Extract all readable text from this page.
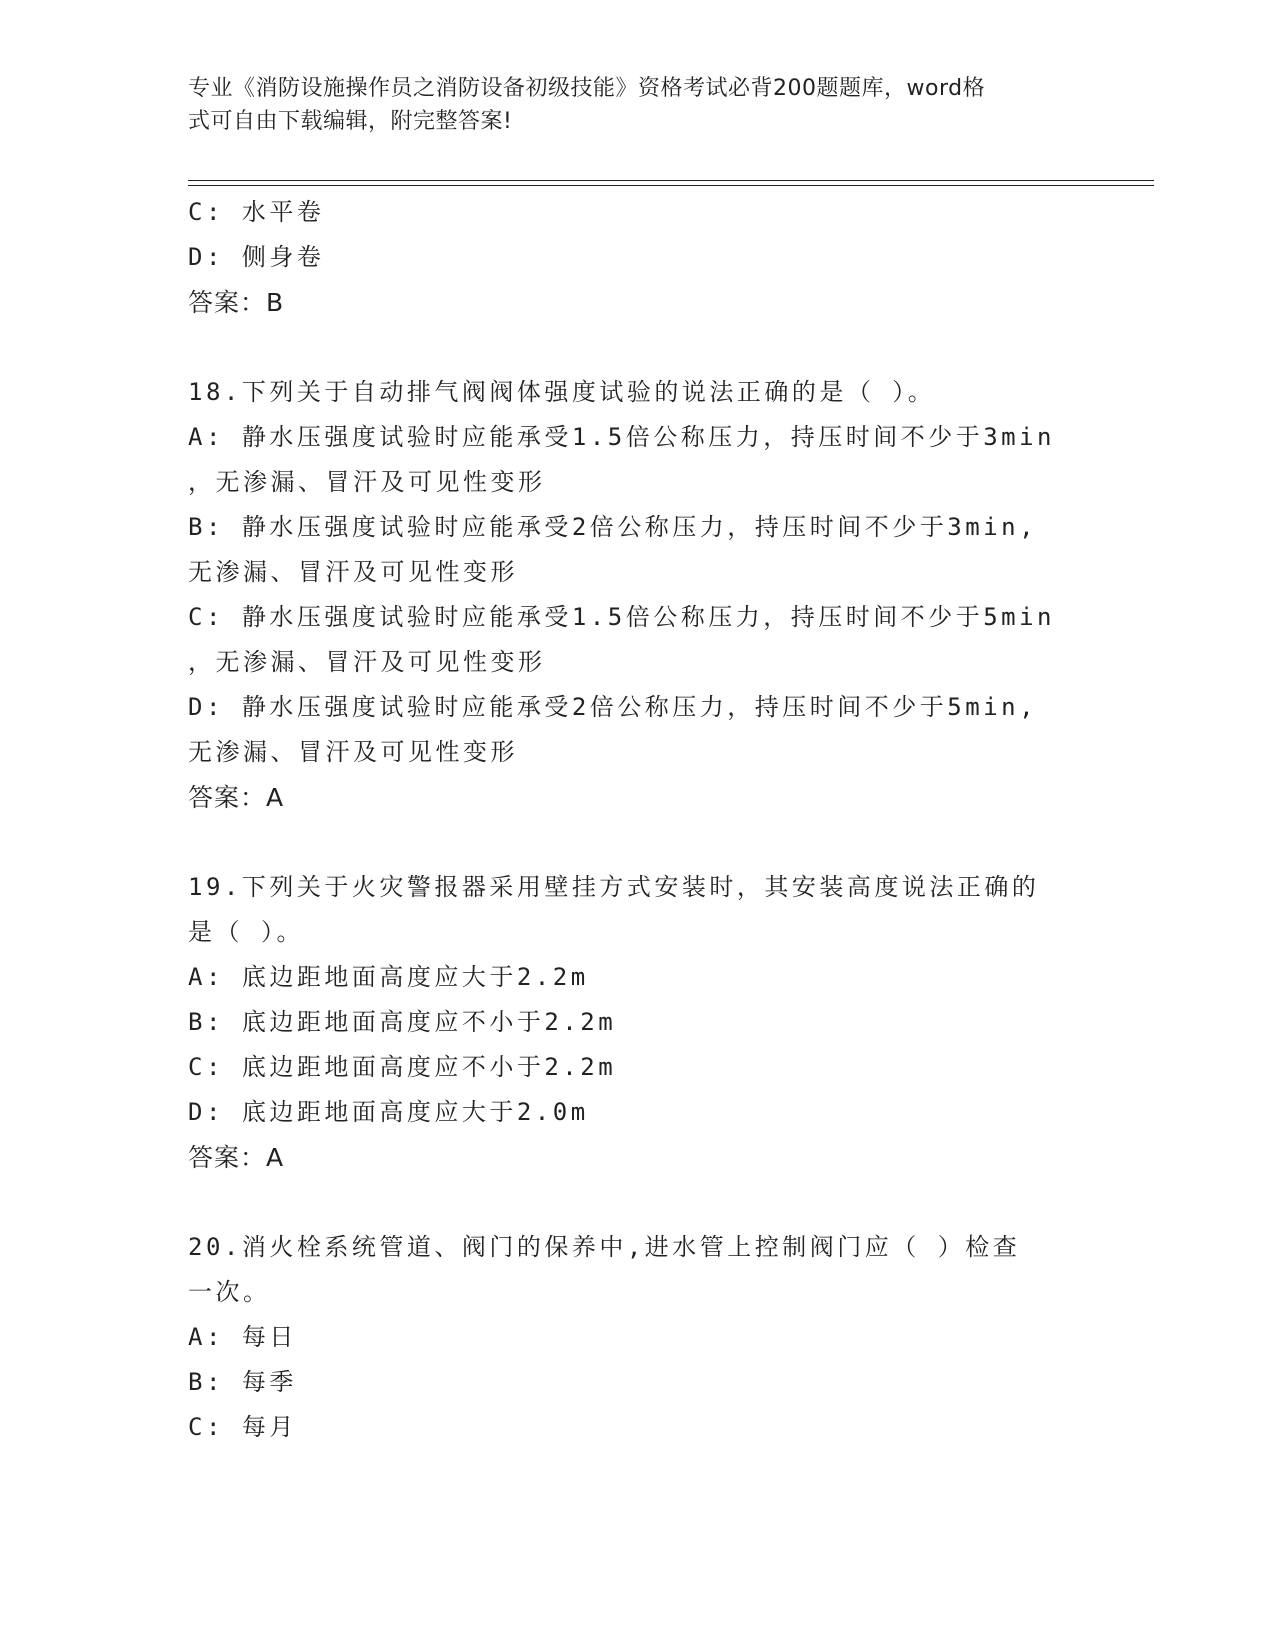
专业《消防设施操作员之消防设备初级技能》资格考试必背200题题库，word格
式可自由下载编辑，附完整答案!
C: 水平卷
D: 侧身卷
答案：B
18.下列关于自动排气阀阀体强度试验的说法正确的是（ ）。
A: 静水压强度试验时应能承受1.5倍公称压力，持压时间不少于3min
，无渗漏、冒汗及可见性变形
B: 静水压强度试验时应能承受2倍公称压力，持压时间不少于3min,
无渗漏、冒汗及可见性变形
C: 静水压强度试验时应能承受1.5倍公称压力，持压时间不少于5min
，无渗漏、冒汗及可见性变形
D: 静水压强度试验时应能承受2倍公称压力，持压时间不少于5min,
无渗漏、冒汗及可见性变形
答案：A
19.下列关于火灾警报器采用壁挂方式安装时，其安装高度说法正确的
是（ ）。
A: 底边距地面高度应大于2.2m
B: 底边距地面高度应不小于2.2m
C: 底边距地面高度应不小于2.2m
D: 底边距地面高度应大于2.0m
答案：A
20.消火栓系统管道、阀门的保养中,进水管上控制阀门应（ ）检查
一次。
A: 每日
B: 每季
C: 每月
